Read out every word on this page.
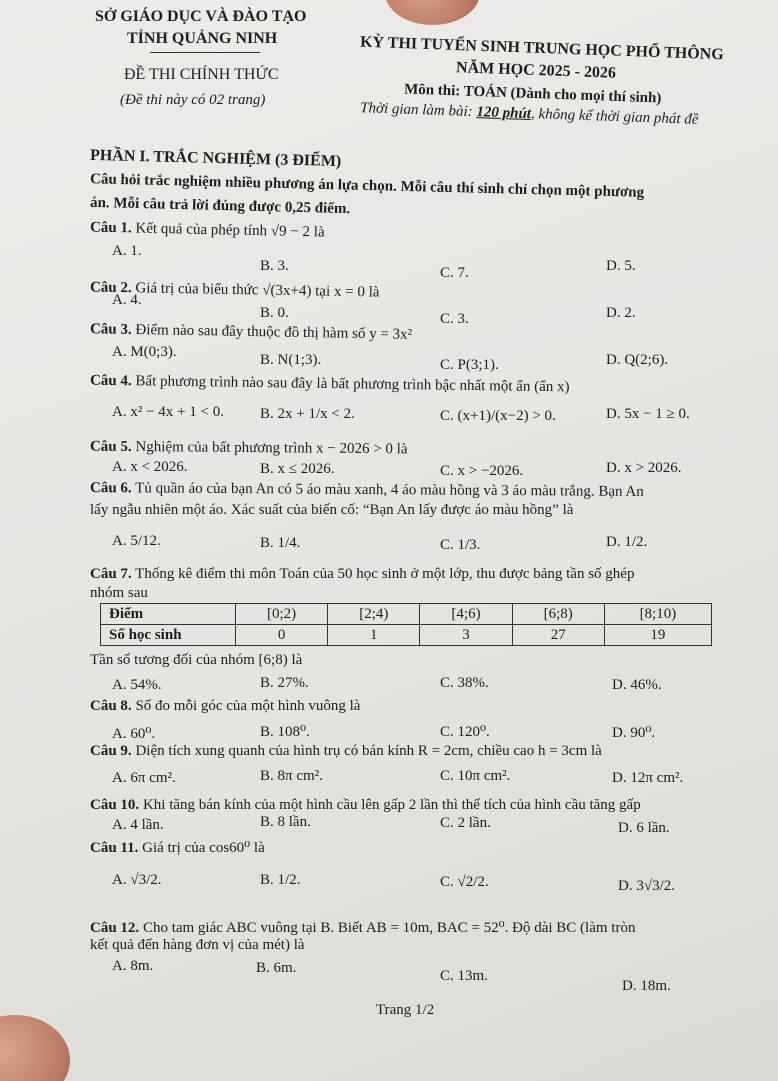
SỞ GIÁO DỤC VÀ ĐÀO TẠO
TỈNH QUẢNG NINH
ĐỀ THI CHÍNH THỨC
(Đề thi này có 02 trang)
KỲ THI TUYỂN SINH TRUNG HỌC PHỔ THÔNG
NĂM HỌC 2025 - 2026
Môn thi: TOÁN (Dành cho mọi thí sinh)
Thời gian làm bài: 120 phút, không kể thời gian phát đề
PHẦN I. TRẮC NGHIỆM (3 ĐIỂM)
Câu hỏi trắc nghiệm nhiều phương án lựa chọn. Mỗi câu thí sinh chỉ chọn một phương
án. Mỗi câu trả lời đúng được 0,25 điểm.
Câu 1. Kết quả của phép tính √9 − 2 là
A. 1.
B. 3.	C. 7.	D. 5.
Câu 2. Giá trị của biểu thức √(3x+4) tại x = 0 là
A. 4.
B. 0.	C. 3.	D. 2.
Câu 3. Điểm nào sau đây thuộc đồ thị hàm số y = 3x²
A. M(0;3).	B. N(1;3).	C. P(3;1).	D. Q(2;6).
Câu 4. Bất phương trình nào sau đây là bất phương trình bậc nhất một ẩn (ẩn x)
A. x² − 4x + 1 < 0. B. 2x + 1/x < 2.	C. (x+1)/(x−2) > 0.	D. 5x − 1 ≥ 0.
Câu 5. Nghiệm của bất phương trình x − 2026 > 0 là
A. x < 2026.	B. x ≤ 2026.	C. x > −2026.	D. x > 2026.
Câu 6. Tủ quần áo của bạn An có 5 áo màu xanh, 4 áo màu hồng và 3 áo màu trắng. Bạn An
lấy ngẫu nhiên một áo. Xác suất của biến cố: “Bạn An lấy được áo màu hồng” là
A. 5/12.	B. 1/4.	C. 1/3.	D. 1/2.
Câu 7. Thống kê điểm thi môn Toán của 50 học sinh ở một lớp, thu được bảng tần số ghép
nhóm sau
Điểm	[0;2)	[2;4)	[4;6)	[6;8)	[8;10)
Số học sinh	0	1	3	27	19
Tần số tương đối của nhóm [6;8) là
A. 54%.	B. 27%.	C. 38%.	D. 46%.
Câu 8. Số đo mỗi góc của một hình vuông là
A. 60⁰.	B. 108⁰.	C. 120⁰.	D. 90⁰.
Câu 9. Diện tích xung quanh của hình trụ có bán kính R = 2cm, chiều cao h = 3cm là
A. 6π cm².	B. 8π cm².	C. 10π cm².	D. 12π cm².
Câu 10. Khi tăng bán kính của một hình cầu lên gấp 2 lần thì thể tích của hình cầu tăng gấp
A. 4 lần.	B. 8 lần.	C. 2 lần.	D. 6 lần.
Câu 11. Giá trị của cos60⁰ là
A. √3/2.	B. 1/2.	C. √2/2.	D. 3√3/2.
Câu 12. Cho tam giác ABC vuông tại B. Biết AB = 10m, BAC = 52⁰. Độ dài BC (làm tròn
kết quả đến hàng đơn vị của mét) là
A. 8m.	B. 6m.	C. 13m.
D. 18m.
Trang 1/2
